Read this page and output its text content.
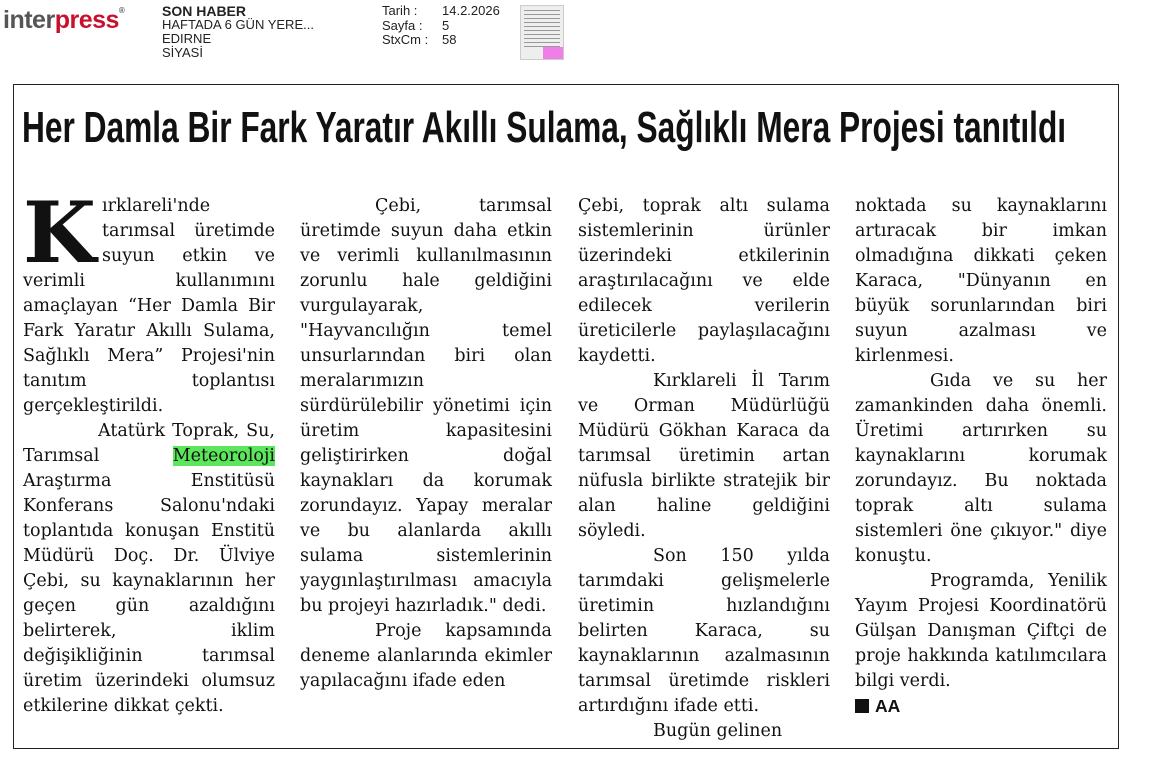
interpress®	SON HABER
HAFTADA 6 GÜN YERE...
EDIRNE
SİYASİ
Tarih :	14.2.2026
Sayfa :	5
StxCm :	58
Her Damla Bir Fark Yaratır Akıllı Sulama, Sağlıklı Mera Projesi tanıtıldı

Kırklareli'nde tarımsal üretimde suyun etkin ve verimli kullanımını amaçlayan “Her Damla Bir Fark Yaratır Akıllı Sulama, Sağlıklı Mera” Projesi'nin tanıtım toplantısı gerçekleştirildi.

Atatürk Toprak, Su, Tarımsal Meteoroloji Araştırma Enstitüsü Konferans Salonu'ndaki toplantıda konuşan Enstitü Müdürü Doç. Dr. Ülviye Çebi, su kaynaklarının her geçen gün azaldığını belirterek, iklim değişikliğinin tarımsal üretim üzerindeki olumsuz etkilerine dikkat çekti.

Çebi, tarımsal üretimde suyun daha etkin ve verimli kullanılmasının zorunlu hale geldiğini vurgulayarak, "Hayvancılığın temel unsurlarından biri olan meralarımızın sürdürülebilir yönetimi için üretim kapasitesini geliştirirken doğal kaynakları da korumak zorundayız. Yapay meralar ve bu alanlarda akıllı sulama sistemlerinin yaygınlaştırılması amacıyla bu projeyi hazırladık." dedi.

Proje kapsamında deneme alanlarında ekimler yapılacağını ifade eden

Çebi, toprak altı sulama sistemlerinin ürünler üzerindeki etkilerinin araştırılacağını ve elde edilecek verilerin üreticilerle paylaşılacağını kaydetti.

Kırklareli İl Tarım ve Orman Müdürlüğü Müdürü Gökhan Karaca da tarımsal üretimin artan nüfusla birlikte stratejik bir alan haline geldiğini söyledi.

Son 150 yılda tarımdaki gelişmelerle üretimin hızlandığını belirten Karaca, su kaynaklarının azalmasının tarımsal üretimde riskleri artırdığını ifade etti.

Bugün gelinen

noktada su kaynaklarını artıracak bir imkan olmadığına dikkati çeken Karaca, "Dünyanın en büyük sorunlarından biri suyun azalması ve kirlenmesi.

Gıda ve su her zamankinden daha önemli. Üretimi artırırken su kaynaklarını korumak zorundayız. Bu noktada toprak altı sulama sistemleri öne çıkıyor." diye konuştu.

Programda, Yenilik Yayım Projesi Koordinatörü Gülşan Danışman Çiftçi de proje hakkında katılımcılara bilgi verdi.

AA
